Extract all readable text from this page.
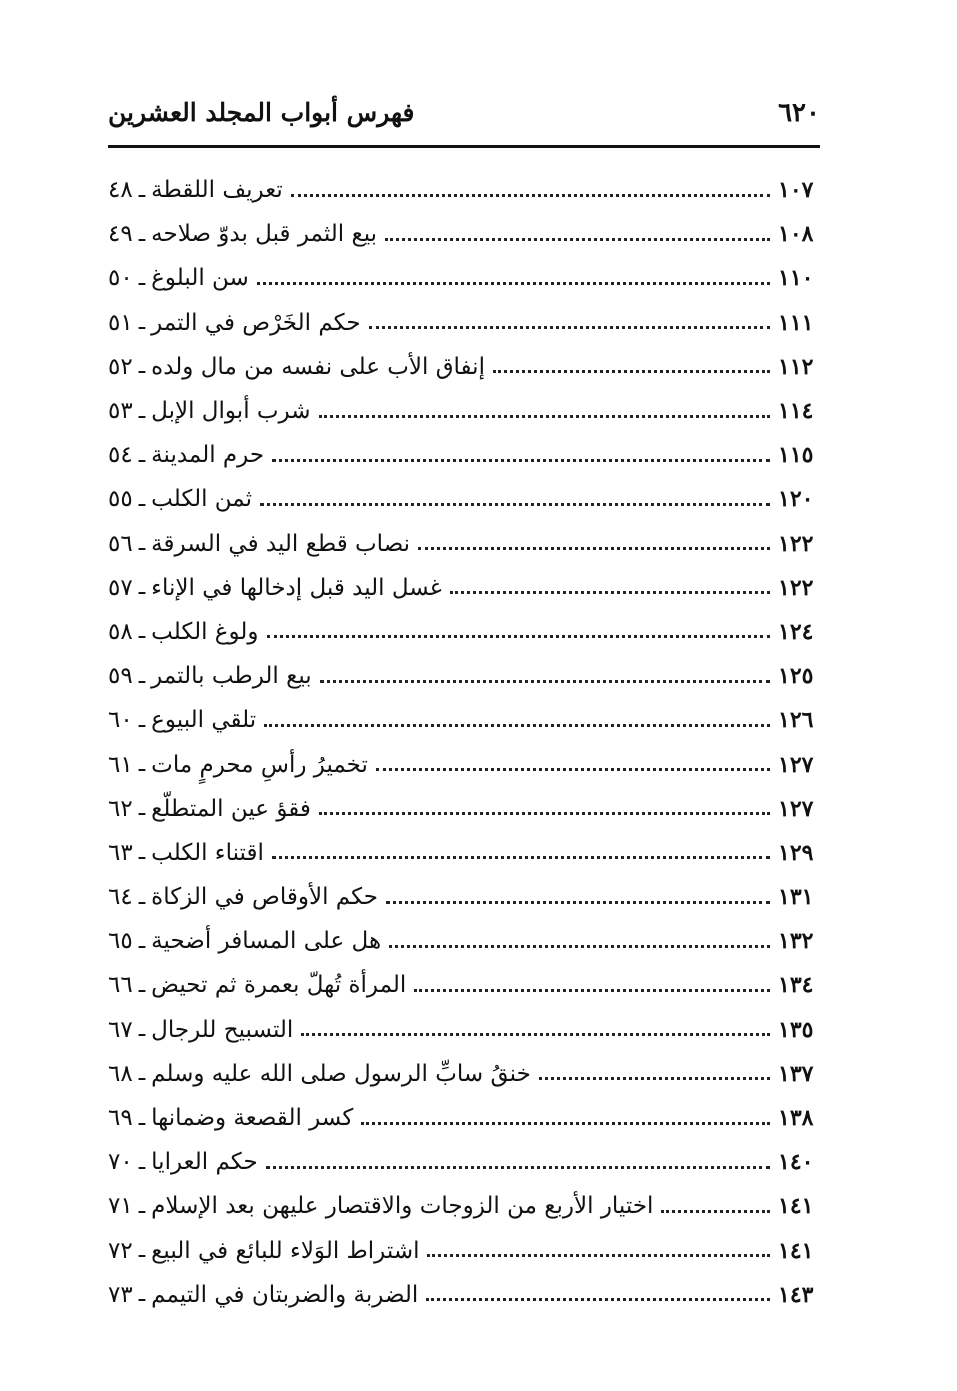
٦٢٠
فهرس أبواب المجلد العشرين
٤٨ ـ تعريف اللقطة	١٠٧
٤٩ ـ بيع الثمر قبل بدوّ صلاحه	١٠٨
٥٠ ـ سن البلوغ	١١٠
٥١ ـ حكم الخَرْص في التمر	١١١
٥٢ ـ إنفاق الأب على نفسه من مال ولده	١١٢
٥٣ ـ شرب أبوال الإبل	١١٤
٥٤ ـ حرم المدينة	١١٥
٥٥ ـ ثمن الكلب	١٢٠
٥٦ ـ نصاب قطع اليد في السرقة	١٢٢
٥٧ ـ غسل اليد قبل إدخالها في الإناء	١٢٢
٥٨ ـ ولوغ الكلب	١٢٤
٥٩ ـ بيع الرطب بالتمر	١٢٥
٦٠ ـ تلقي البيوع	١٢٦
٦١ ـ تخميرُ رأسِ محرمٍ مات	١٢٧
٦٢ ـ فقؤ عين المتطلّع	١٢٧
٦٣ ـ اقتناء الكلب	١٢٩
٦٤ ـ حكم الأوقاص في الزكاة	١٣١
٦٥ ـ هل على المسافر أضحية	١٣٢
٦٦ ـ المرأة تُهلّ بعمرة ثم تحيض	١٣٤
٦٧ ـ التسبيح للرجال	١٣٥
٦٨ ـ خنقُ سابِّ الرسول صلى الله عليه وسلم	١٣٧
٦٩ ـ كسر القصعة وضمانها	١٣٨
٧٠ ـ حكم العرايا	١٤٠
٧١ ـ اختيار الأربع من الزوجات والاقتصار عليهن بعد الإسلام	١٤١
٧٢ ـ اشتراط الوَلاء للبائع في البيع	١٤١
٧٣ ـ الضربة والضربتان في التيمم	١٤٣
